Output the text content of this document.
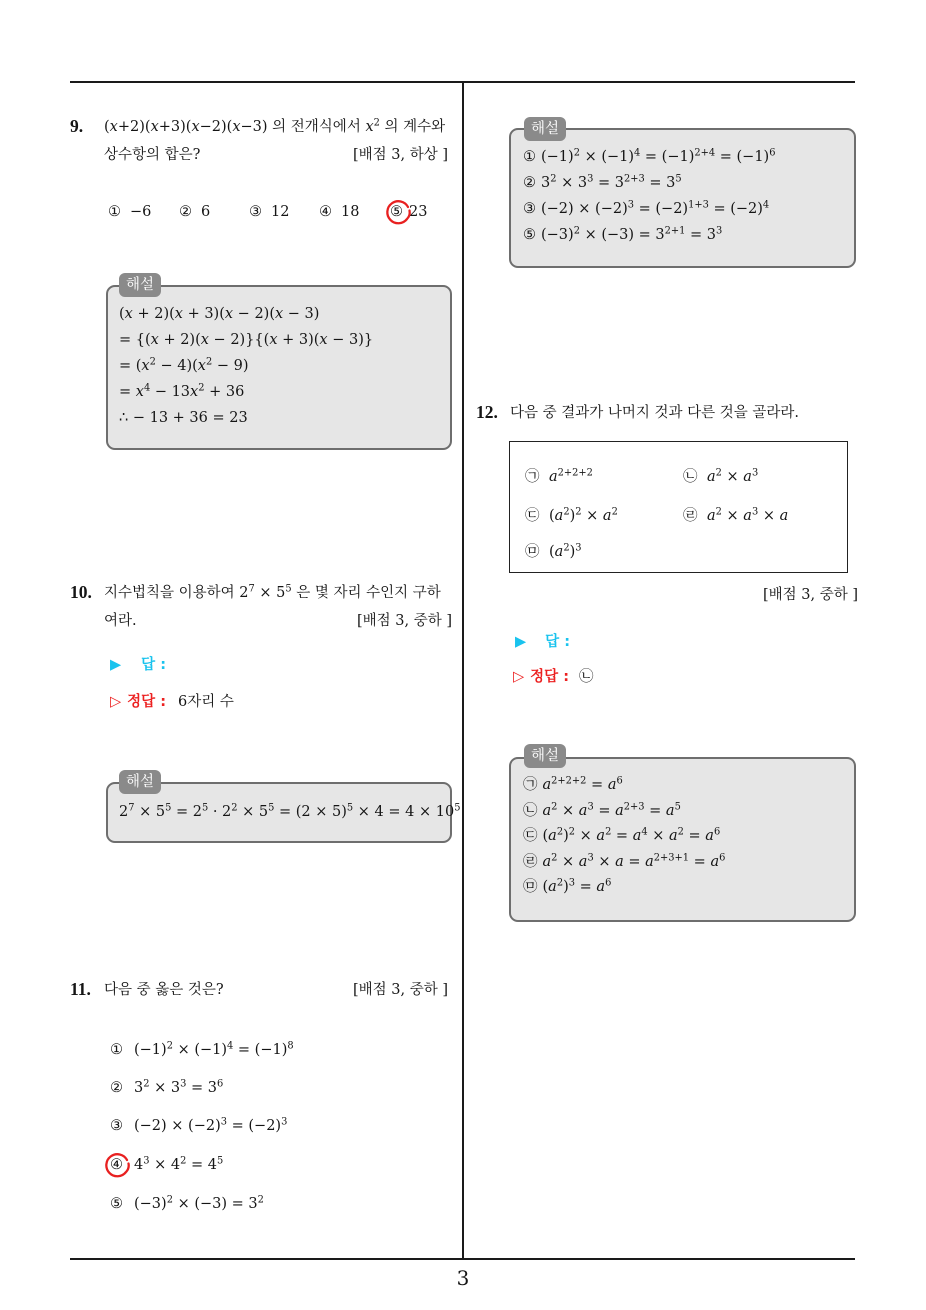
9. (x+2)(x+3)(x−2)(x−3) 의 전개식에서 $x^2$ 의 계수와
상수항의 합은?	[배점 3, 하상 ]
① −6 ② 6	③ 12 ④ 18 ⑤ 23
(x + 2)(x + 3)(x − 2)(x − 3)
= {(x + 2)(x − 2)}{(x + 3)(x − 3)}
= $(x^2 - 4)(x^2 - 9)$
= $x^4 - 13x^2 + 36$
∴ − 13 + 36 = 23
해설
10. 지수법칙을 이용하여 $2^7 \times 5^5$ 은 몇 자리 수인지 구하
여라.	[배점 3, 중하 ]
▶ 답 :
▷ 정답 : 6자리 수
$2^7 \times 5^5 = 2^5 \cdot 2^2 \times 5^5 = (2 \times 5)^5 \times 4 = 4 \times 10^5$
해설
11. 다음 중 옳은 것은?	[배점 3, 중하 ]
① $(-1)^2 \times (-1)^4 = (-1)^8$
② $3^2 \times 3^3 = 3^6$
③ $(-2) \times (-2)^3 = (-2)^3$
④ $4^3 \times 4^2 = 4^5$
⑤ $(-3)^2 \times (-3) = 3^2$
① $(-1)^2 \times (-1)^4 = (-1)^{2+4} = (-1)^6$
② $3^2 \times 3^3 = 3^{2+3} = 3^5$
③ $(-2) \times (-2)^3 = (-2)^{1+3} = (-2)^4$
⑤ $(-3)^2 \times (-3) = 3^{2+1} = 3^3$
해설
12. 다음 중 결과가 나머지 것과 다른 것을 골라라.
㉠ $a^{2+2+2}$	㉡ $a^2 \times a^3$
㉢ $(a^2)^2 \times a^2$	㉣ $a^2 \times a^3 \times a$
㉤ $(a^2)^3$
[배점 3, 중하 ]
▶ 답 :
▷ 정답 : ㉡
㉠ $a^{2+2+2} = a^6$
㉡ $a^2 \times a^3 = a^{2+3} = a^5$
㉢ $(a^2)^2 \times a^2 = a^4 \times a^2 = a^6$
㉣ $a^2 \times a^3 \times a = a^{2+3+1} = a^6$
㉤ $(a^2)^3 = a^6$
해설
3
